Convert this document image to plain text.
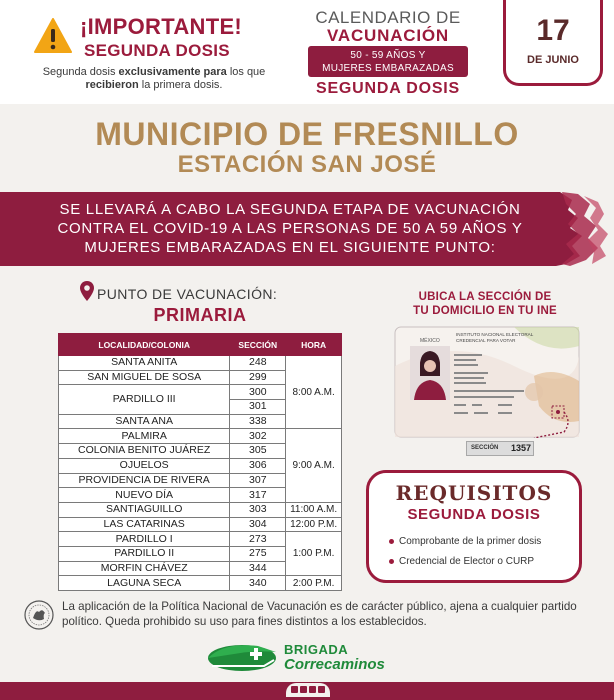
¡IMPORTANTE!
SEGUNDA DOSIS
Segunda dosis exclusivamente para los que
recibieron la primera dosis.
CALENDARIO DE
VACUNACIÓN
50 - 59 AÑOS Y
MUJERES EMBARAZADAS
SEGUNDA DOSIS
17
DE JUNIO
MUNICIPIO DE FRESNILLO
ESTACIÓN SAN JOSÉ
SE LLEVARÁ A CABO LA SEGUNDA ETAPA DE VACUNACIÓN
CONTRA EL COVID-19 A LAS PERSONAS DE 50 A 59 AÑOS Y
MUJERES EMBARAZADAS EN EL SIGUIENTE PUNTO:
PUNTO DE VACUNACIÓN:
PRIMARIA
LOCALIDAD/COLONIA	SECCIÓN	HORA
SANTA ANITA	248	8:00 A.M.
SAN MIGUEL DE SOSA	299	
PARDILLO III	300	
	301	
SANTA ANA	338	
PALMIRA	302	9:00 A.M.
COLONIA BENITO JUÁREZ	305	
OJUELOS	306	
PROVIDENCIA DE RIVERA	307	
NUEVO DÍA	317	
SANTIAGUILLO	303	11:00 A.M.
LAS CATARINAS	304	12:00 P.M.
PARDILLO I	273	1:00 P.M.
PARDILLO II	275	
MORFIN CHÁVEZ	344	
LAGUNA SECA	340	2:00 P.M.
UBICA LA SECCIÓN DE
TU DOMICILIO EN TU INE
MÉXICO
INSTITUTO NACIONAL ELECTORAL
CREDENCIAL PARA VOTAR
SECCIÓN 1357
REQUISITOS
SEGUNDA DOSIS
Comprobante de la primer dosis
Credencial de Elector o CURP
La aplicación de la Política Nacional de Vacunación es de carácter público, ajena a cualquier partido político. Queda prohibido su uso para fines distintos a los establecidos.
BRIGADA
Correcaminos
